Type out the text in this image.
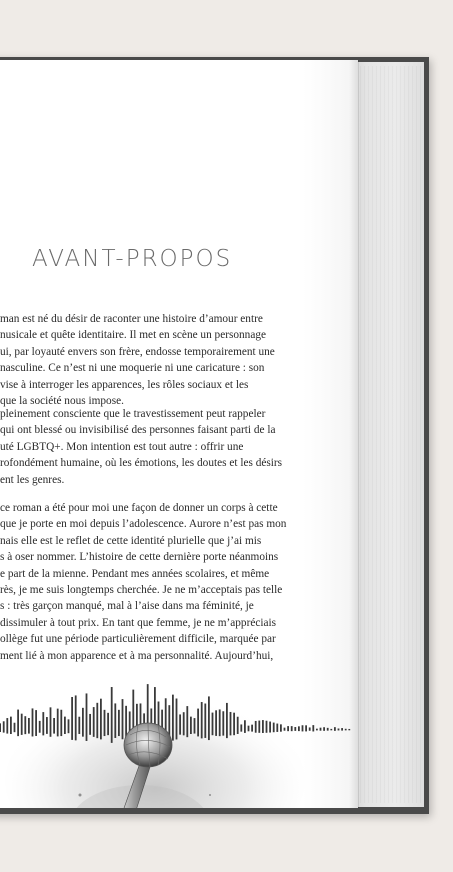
AVANT-PROPOS
man est né du désir de raconter une histoire d’amour entre
nusicale et quête identitaire. Il met en scène un personnage
ui, par loyauté envers son frère, endosse temporairement une
nasculine. Ce n’est ni une moquerie ni une caricature : son
vise à interroger les apparences, les rôles sociaux et les
que la société nous impose.
pleinement consciente que le travestissement peut rappeler
qui ont blessé ou invisibilisé des personnes faisant parti de la
uté LGBTQ+. Mon intention est tout autre : offrir une
rofondément humaine, où les émotions, les doutes et les désirs
ent les genres.
ce roman a été pour moi une façon de donner un corps à cette
que je porte en moi depuis l’adolescence. Aurore n’est pas mon
nais elle est le reflet de cette identité plurielle que j’ai mis
s à oser nommer. L’histoire de cette dernière porte néanmoins
e part de la mienne. Pendant mes années scolaires, et même
rès, je me suis longtemps cherchée. Je ne m’acceptais pas telle
s : très garçon manqué, mal à l’aise dans ma féminité, je
dissimuler à tout prix. En tant que femme, je ne m’appréciais
ollège fut une période particulièrement difficile, marquée par
ment lié à mon apparence et à ma personnalité. Aujourd’hui,
